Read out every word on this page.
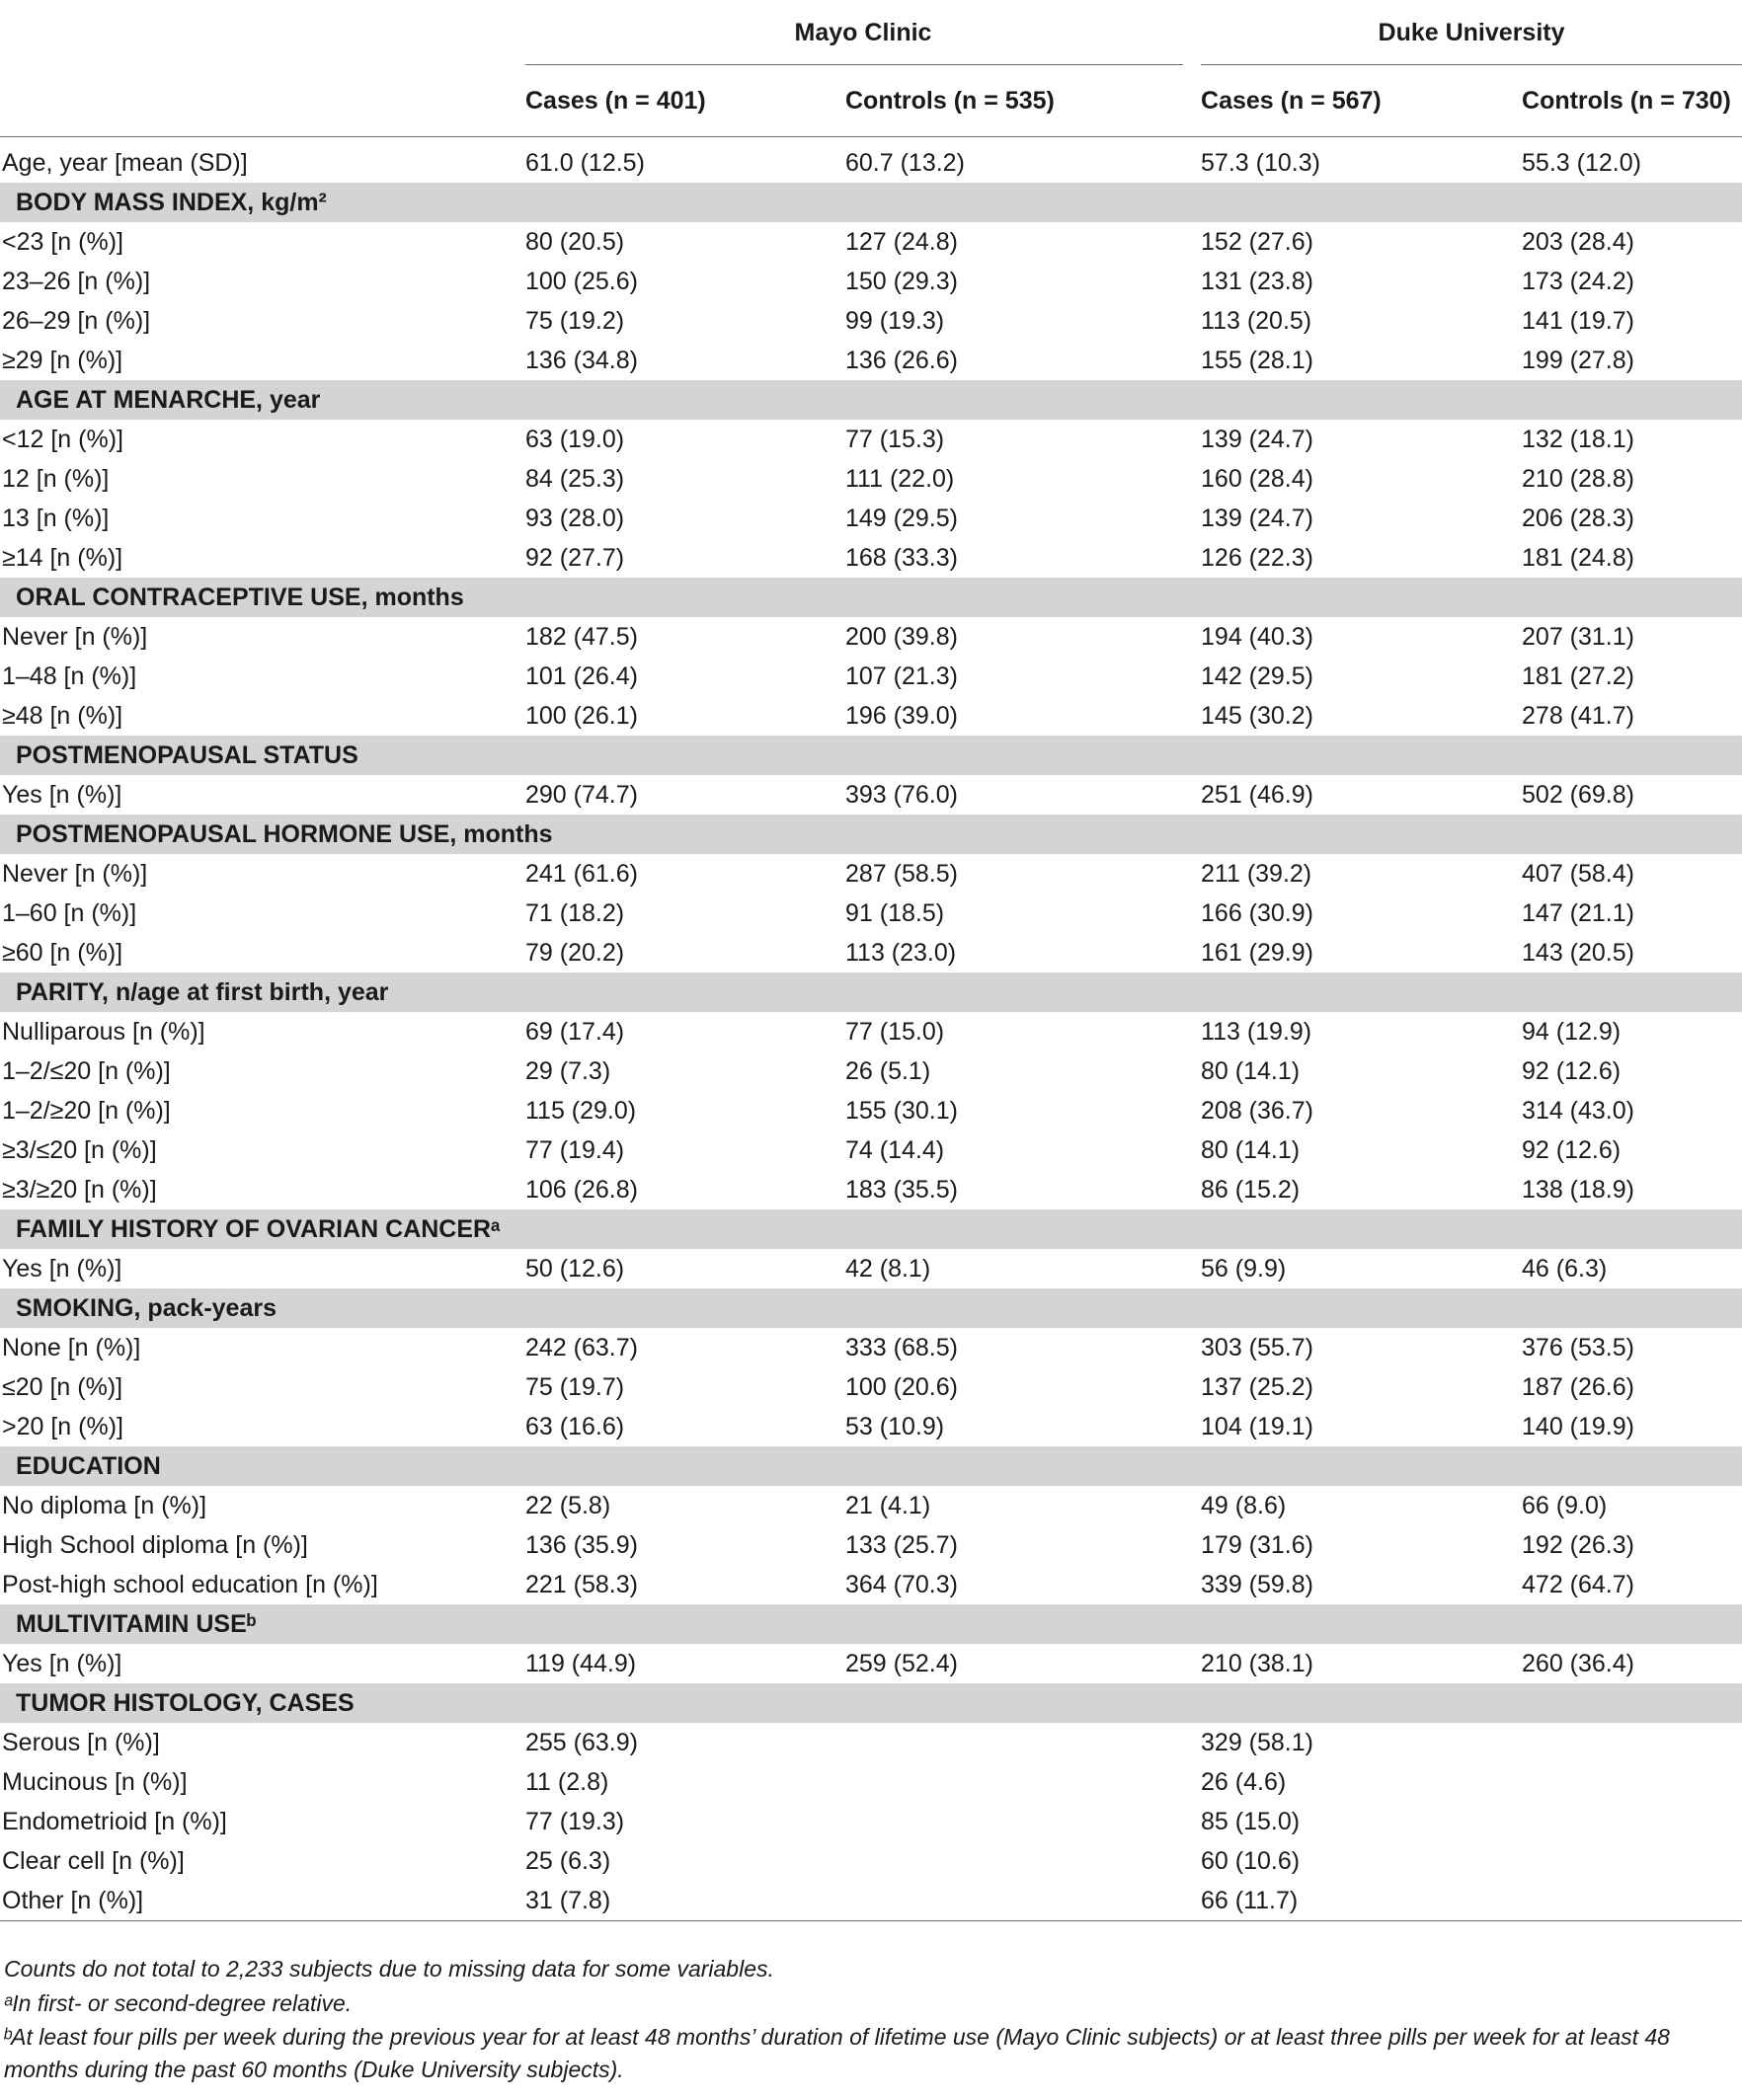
	Mayo Clinic		Duke University	

	Cases (n = 401)	Controls (n = 535)	Cases (n = 567)	Controls (n = 730)

Age, year [mean (SD)]	61.0 (12.5)	60.7 (13.2)	57.3 (10.3)	55.3 (12.0)
BODY MASS INDEX, kg/m²				
<23 [n (%)]	80 (20.5)	127 (24.8)	152 (27.6)	203 (28.4)
23–26 [n (%)]	100 (25.6)	150 (29.3)	131 (23.8)	173 (24.2)
26–29 [n (%)]	75 (19.2)	99 (19.3)	113 (20.5)	141 (19.7)
≥29 [n (%)]	136 (34.8)	136 (26.6)	155 (28.1)	199 (27.8)
AGE AT MENARCHE, year				
<12 [n (%)]	63 (19.0)	77 (15.3)	139 (24.7)	132 (18.1)
12 [n (%)]	84 (25.3)	111 (22.0)	160 (28.4)	210 (28.8)
13 [n (%)]	93 (28.0)	149 (29.5)	139 (24.7)	206 (28.3)
≥14 [n (%)]	92 (27.7)	168 (33.3)	126 (22.3)	181 (24.8)
ORAL CONTRACEPTIVE USE, months				
Never [n (%)]	182 (47.5)	200 (39.8)	194 (40.3)	207 (31.1)
1–48 [n (%)]	101 (26.4)	107 (21.3)	142 (29.5)	181 (27.2)
≥48 [n (%)]	100 (26.1)	196 (39.0)	145 (30.2)	278 (41.7)
POSTMENOPAUSAL STATUS				
Yes [n (%)]	290 (74.7)	393 (76.0)	251 (46.9)	502 (69.8)
POSTMENOPAUSAL HORMONE USE, months				
Never [n (%)]	241 (61.6)	287 (58.5)	211 (39.2)	407 (58.4)
1–60 [n (%)]	71 (18.2)	91 (18.5)	166 (30.9)	147 (21.1)
≥60 [n (%)]	79 (20.2)	113 (23.0)	161 (29.9)	143 (20.5)
PARITY, n/age at first birth, year				
Nulliparous [n (%)]	69 (17.4)	77 (15.0)	113 (19.9)	94 (12.9)
1–2/≤20 [n (%)]	29 (7.3)	26 (5.1)	80 (14.1)	92 (12.6)
1–2/≥20 [n (%)]	115 (29.0)	155 (30.1)	208 (36.7)	314 (43.0)
≥3/≤20 [n (%)]	77 (19.4)	74 (14.4)	80 (14.1)	92 (12.6)
≥3/≥20 [n (%)]	106 (26.8)	183 (35.5)	86 (15.2)	138 (18.9)
FAMILY HISTORY OF OVARIAN CANCERᵃ				
Yes [n (%)]	50 (12.6)	42 (8.1)	56 (9.9)	46 (6.3)
SMOKING, pack-years				
None [n (%)]	242 (63.7)	333 (68.5)	303 (55.7)	376 (53.5)
≤20 [n (%)]	75 (19.7)	100 (20.6)	137 (25.2)	187 (26.6)
>20 [n (%)]	63 (16.6)	53 (10.9)	104 (19.1)	140 (19.9)
EDUCATION				
No diploma [n (%)]	22 (5.8)	21 (4.1)	49 (8.6)	66 (9.0)
High School diploma [n (%)]	136 (35.9)	133 (25.7)	179 (31.6)	192 (26.3)
Post-high school education [n (%)]	221 (58.3)	364 (70.3)	339 (59.8)	472 (64.7)
MULTIVITAMIN USEᵇ				
Yes [n (%)]	119 (44.9)	259 (52.4)	210 (38.1)	260 (36.4)
TUMOR HISTOLOGY, CASES				
Serous [n (%)]	255 (63.9)		329 (58.1)	
Mucinous [n (%)]	11 (2.8)		26 (4.6)	
Endometrioid [n (%)]	77 (19.3)		85 (15.0)	
Clear cell [n (%)]	25 (6.3)		60 (10.6)	
Other [n (%)]	31 (7.8)		66 (11.7)	
Counts do not total to 2,233 subjects due to missing data for some variables.
ᵃIn first- or second-degree relative.
ᵇAt least four pills per week during the previous year for at least 48 months’ duration of lifetime use (Mayo Clinic subjects) or at least three pills per week for at least 48 months during the past 60 months (Duke University subjects).
